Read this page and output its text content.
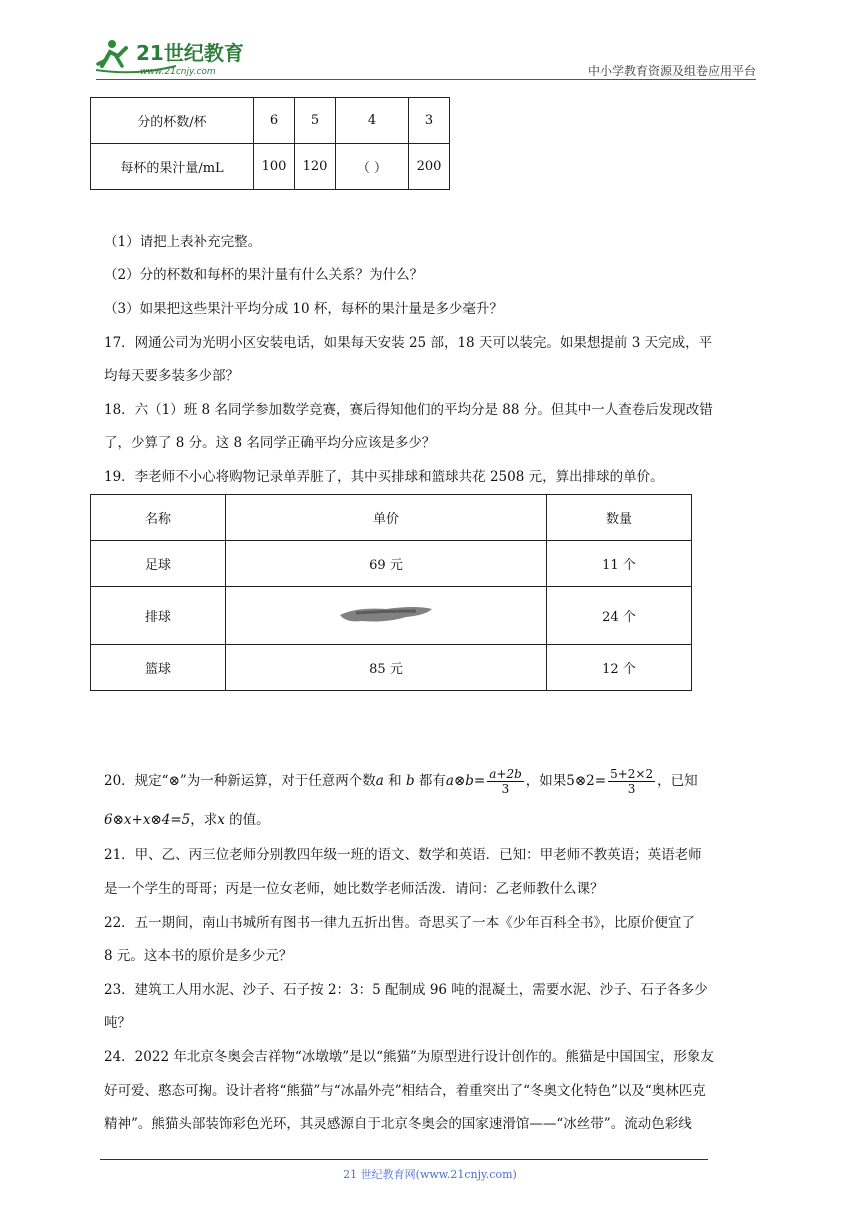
21世纪教育
www.21cnjy.com	中小学教育资源及组卷应用平台
分的杯数/杯	6	5	4	3
每杯的果汁量/mL	100	120	（ ）	200
（1）请把上表补充完整。
（2）分的杯数和每杯的果汁量有什么关系？为什么？
（3）如果把这些果汁平均分成 10 杯，每杯的果汁量是多少毫升？
17．网通公司为光明小区安装电话，如果每天安装 25 部，18 天可以装完。如果想提前 3 天完成，平
均每天要多装多少部？
18．六（1）班 8 名同学参加数学竞赛，赛后得知他们的平均分是 88 分。但其中一人查卷后发现改错
了，少算了 8 分。这 8 名同学正确平均分应该是多少？
19．李老师不小心将购物记录单弄脏了，其中买排球和篮球共花 2508 元，算出排球的单价。
名称	单价	数量
足球	69 元	11 个
排球		24 个
篮球	85 元	12 个
20．规定“⊗”为一种新运算，对于任意两个数a 和 b 都有a⊗b= $\frac{a+2b}{3}$ ，如果5⊗2= $\frac{5+2\times 2}{3}$ ，已知
6⊗x+x⊗4=5，求x 的值。
21．甲、乙、丙三位老师分别教四年级一班的语文、数学和英语．已知：甲老师不教英语；英语老师
是一个学生的哥哥；丙是一位女老师，她比数学老师活泼．请问：乙老师教什么课？
22．五一期间，南山书城所有图书一律九五折出售。奇思买了一本《少年百科全书》，比原价便宜了
8 元。这本书的原价是多少元？
23．建筑工人用水泥、沙子、石子按 2：3：5 配制成 96 吨的混凝土，需要水泥、沙子、石子各多少
吨？
24．2022 年北京冬奥会吉祥物“冰墩墩”是以“熊猫”为原型进行设计创作的。熊猫是中国国宝，形象友
好可爱、憨态可掬。设计者将“熊猫”与“冰晶外壳”相结合，着重突出了“冬奥文化特色”以及“奥林匹克
精神”。熊猫头部装饰彩色光环，其灵感源自于北京冬奥会的国家速滑馆——“冰丝带”。流动色彩线
21 世纪教育网(www.21cnjy.com)
